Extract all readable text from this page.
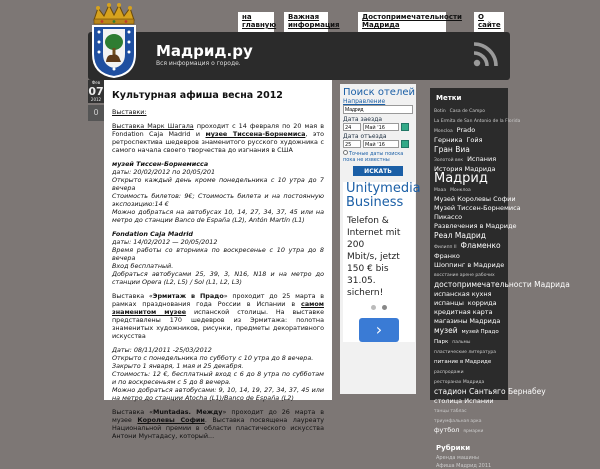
на главную
Важная информация
Достопримечательности Мадрида
О сайте
Мадрид.ру
Вся информация о городе.
Фев
07
2012
0
Культурная афиша весна 2012

Выставки:

Выставка Марк Шагала проходит с 14 февраля по 20 мая в Fondation Caja Madrid и музее Тиссена-Борнемиса, это ретроспектива шедевров знаменитого русского художника с самого начала своего творчества до изгнания в США

музей Тиссен-Борнемисса
даты: 20/02/2012 по 20/05/201
Открыто каждый день кроме понедельника с 10 утра до 7 вечера
Стоимость билетов: 9€; Стоимость билета и на постоянную экспозицию:14 €
Можно добраться на автобусах 10, 14, 27, 34, 37, 45 или на метро до станции Banco de España (L2), Antón Martín (L1)

Fondation Caja Madrid
даты: 14/02/2012 — 20/05/2012
Время работы со вторника по воскресенье с 10 утра до 8 вечера
Вход бесплатный.
Добраться автобусами 25, 39, 3, N16, N18 и на метро до станции Opera (L2, L5) / Sol (L1, L2, L3)

Выставка «Эрмитаж в Прадо» проходит до 25 марта в рамках празднования года России в Испании в самом знаменитом музее испанской столицы. На выставке представлены 170 шедевров из Эрмитажа: полотна знаменитых художников, рисунки, предметы декоративного искусства

Даты: 08/11/2011 -25/03/2012
Открыто с понедельника по субботу с 10 утра до 8 вечера.
Закрыто 1 января, 1 мая и 25 декабря.
Стоимость: 12 €, бесплатный вход с 6 до 8 утра по субботам и по воскресеньям с 5 до 8 вечера.
Можно добраться автобусами: 9, 10, 14, 19, 27, 34, 37, 45 или на метро до станции Atocha (L1)/Banco de España (L2)

Выставка «Muntadas. Между» проходит до 26 марта в музее Королевы Софии. Выставка посвящена лауреату Национальной премии в области пластического искусства Антони Мунтадасу, который...

Поиск отелей
Направление
Мадрид
Дата заезда
24	Май '16
Дата отъезда
25	Май '16
Точные даты поиска пока не известны
ИСКАТЬ
Unitymedia
Business
Telefon &
Internet mit 200
Mbit/s, jetzt
150 € bis 31.05.
sichern!
›
Метки
Botin Casa de Campo La Ermita de San Antonio de la Florida Moncloa Prado Герника Гойя Гран Виа Золотой век Испания История Мадрида Мадрид Мааа Монклоа Музей Королевы Софии Музей Тиссен-Борнемиса Пикассо Развлечения в Мадриде Реал Мадрид Филипп II Фламенко Франко Шоппинг в Мадриде восстание арене рабочих достопримечательности Мадрида испанская кухня испанцы коррида кредитная карта магазины Мадрида музей музей Прадо Парк пальмы пластические литература питание в Мадриде распродажи ресторанах Мадрида стадион Сантьяго Бернабеу столица Испании танцы таблас триумфальная арка футбол ярмарки
Рубрики
Аренда машины
Афиша Мадрид 2011
